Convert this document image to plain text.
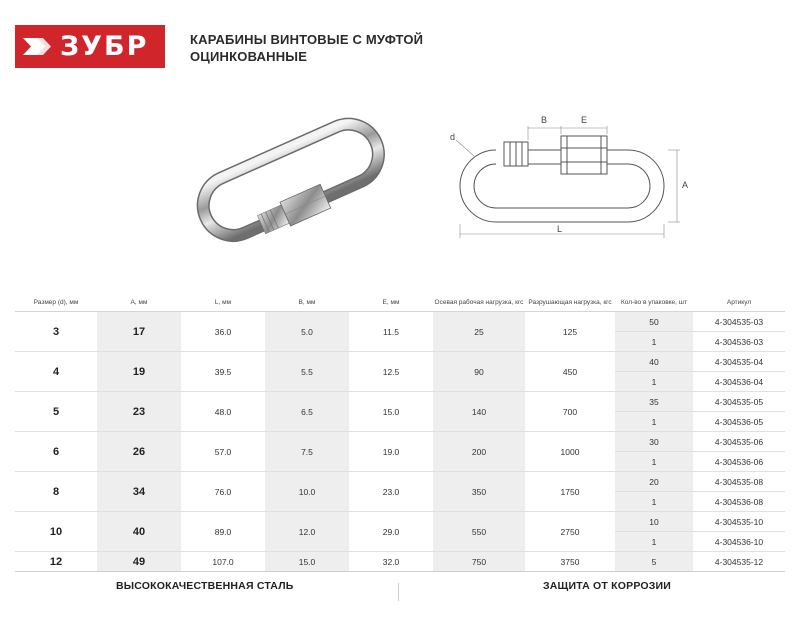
ЗУБР	КАРАБИНЫ ВИНТОВЫЕ С МУФТОЙ
ОЦИНКОВАННЫЕ
B	E
A
L
d
Размер (d), мм	A, мм	L, мм	B, мм	E, мм	Осевая рабочая нагрузка, кгс	Разрушающая нагрузка, кгс	Кол-во в упаковке, шт	Артикул
3	17	36.0	5.0	11.5	25	125	50	4-304535-03
							1	4-304536-03
4	19	39.5	5.5	12.5	90	450	40	4-304535-04
							1	4-304536-04
5	23	48.0	6.5	15.0	140	700	35	4-304535-05
							1	4-304536-05
6	26	57.0	7.5	19.0	200	1000	30	4-304535-06
							1	4-304536-06
8	34	76.0	10.0	23.0	350	1750	20	4-304535-08
							1	4-304536-08
10	40	89.0	12.0	29.0	550	2750	10	4-304535-10
							1	4-304536-10
12	49	107.0	15.0	32.0	750	3750	5	4-304535-12
ВЫСОКОКАЧЕСТВЕННАЯ СТАЛЬ	ЗАЩИТА ОТ КОРРОЗИИ
